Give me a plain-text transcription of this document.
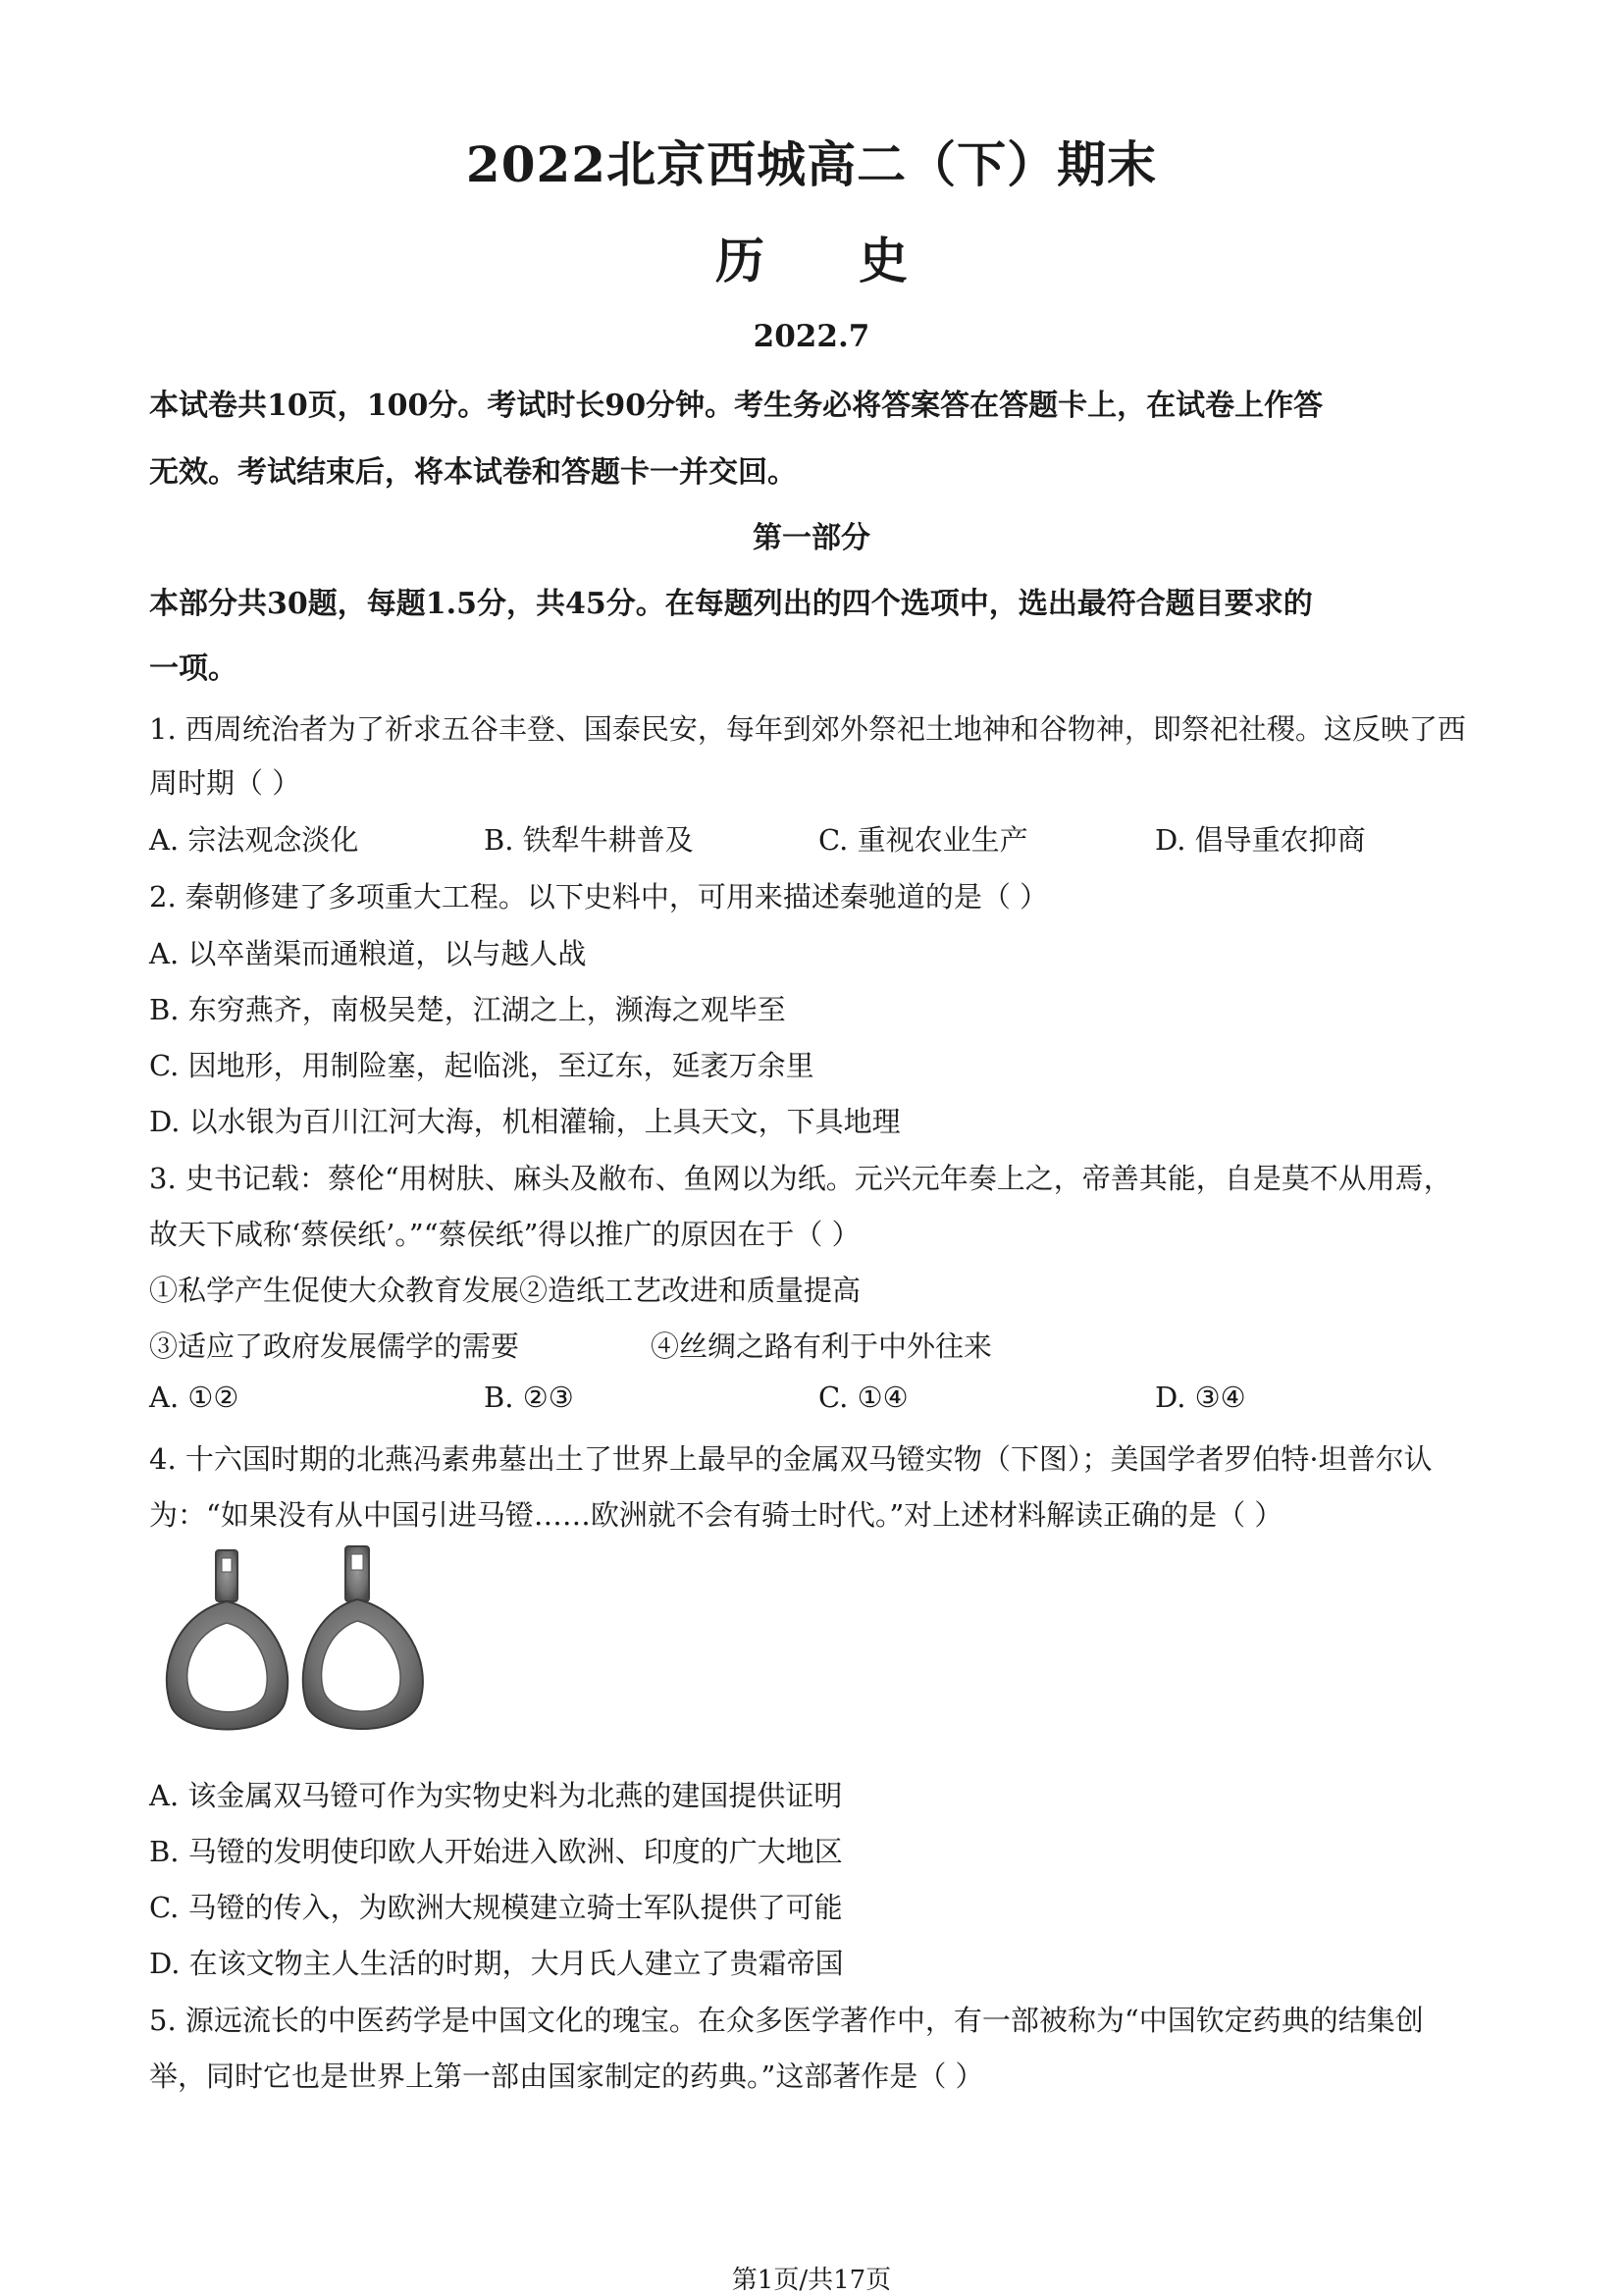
2022北京西城高二（下）期末
历史
2022.7
本试卷共10页，100分。考试时长90分钟。考生务必将答案答在答题卡上，在试卷上作答
无效。考试结束后，将本试卷和答题卡一并交回。
第一部分
本部分共30题，每题1.5分，共45分。在每题列出的四个选项中，选出最符合题目要求的
一项。
1. 西周统治者为了祈求五谷丰登、国泰民安，每年到郊外祭祀土地神和谷物神，即祭祀社稷。这反映了西
周时期（ ）
A. 宗法观念淡化	B. 铁犁牛耕普及	C. 重视农业生产	D. 倡导重农抑商
2. 秦朝修建了多项重大工程。以下史料中，可用来描述秦驰道的是（ ）
A. 以卒凿渠而通粮道，以与越人战
B. 东穷燕齐，南极吴楚，江湖之上，濒海之观毕至
C. 因地形，用制险塞，起临洮，至辽东，延袤万余里
D. 以水银为百川江河大海，机相灌输，上具天文，下具地理
3. 史书记载：蔡伦“用树肤、麻头及敝布、鱼网以为纸。元兴元年奏上之，帝善其能，自是莫不从用焉，
故天下咸称‘蔡侯纸’。”“蔡侯纸”得以推广的原因在于（ ）
①私学产生促使大众教育发展②造纸工艺改进和质量提高
③适应了政府发展儒学的需要	④丝绸之路有利于中外往来
A. ①②	B. ②③	C. ①④	D. ③④
4. 十六国时期的北燕冯素弗墓出土了世界上最早的金属双马镫实物（下图）；美国学者罗伯特·坦普尔认
为：“如果没有从中国引进马镫……欧洲就不会有骑士时代。”对上述材料解读正确的是（ ）
A. 该金属双马镫可作为实物史料为北燕的建国提供证明
B. 马镫的发明使印欧人开始进入欧洲、印度的广大地区
C. 马镫的传入，为欧洲大规模建立骑士军队提供了可能
D. 在该文物主人生活的时期，大月氏人建立了贵霜帝国
5. 源远流长的中医药学是中国文化的瑰宝。在众多医学著作中，有一部被称为“中国钦定药典的结集创
举，同时它也是世界上第一部由国家制定的药典。”这部著作是（ ）
第1页/共17页
